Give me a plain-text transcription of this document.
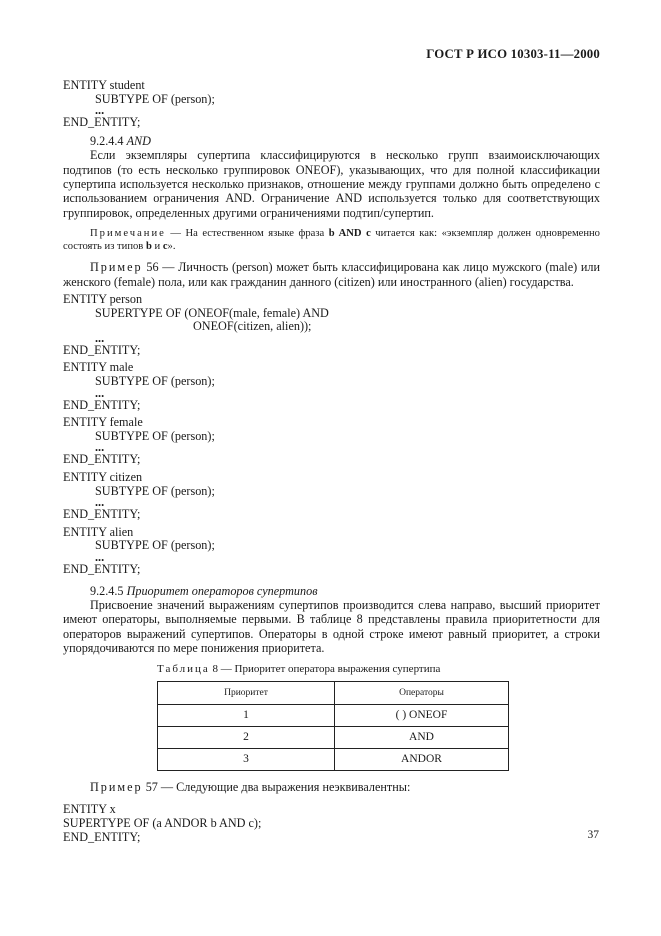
ГОСТ Р ИСО 10303-11—2000
ENTITY student
SUBTYPE OF (person);
...
END_ENTITY;
9.2.4.4 AND

Если экземпляры супертипа классифицируются в несколько групп взаимоисключающих подтипов (то есть несколько группировок ONEOF), указывающих, что для полной классификации супертипа используется несколько признаков, отношение между группами должно быть определено с использованием ограничения AND. Ограничение AND используется только для соответствующих группировок, определенных другими ограничениями подтип/супертип.

Примечание — На естественном языке фраза b AND c читается как: «экземпляр должен одновременно состоять из типов b и c».

Пример 56 — Личность (person) может быть классифицирована как лицо мужского (male) или женского (female) пола, или как гражданин данного (citizen) или иностранного (alien) государства.

ENTITY person
SUPERTYPE OF (ONEOF(male, female) AND
ONEOF(citizen, alien));
...
END_ENTITY;
ENTITY male
SUBTYPE OF (person);
...
END_ENTITY;
ENTITY female
SUBTYPE OF (person);
...
END_ENTITY;
ENTITY citizen
SUBTYPE OF (person);
...
END_ENTITY;
ENTITY alien
SUBTYPE OF (person);
...
END_ENTITY;
9.2.4.5 Приоритет операторов супертипов

Присвоение значений выражениям супертипов производится слева направо, высший приоритет имеют операторы, выполняемые первыми. В таблице 8 представлены правила приоритетности для операторов выражений супертипов. Операторы в одной строке имеют равный приоритет, а строки упорядочиваются по мере понижения приоритета.

Таблица 8 — Приоритет оператора выражения супертипа
Приоритет	Операторы
1	( ) ONEOF
2	AND
3	ANDOR

Пример 57 — Следующие два выражения неэквивалентны:

ENTITY x
SUPERTYPE OF (a ANDOR b AND c);
END_ENTITY;	37
